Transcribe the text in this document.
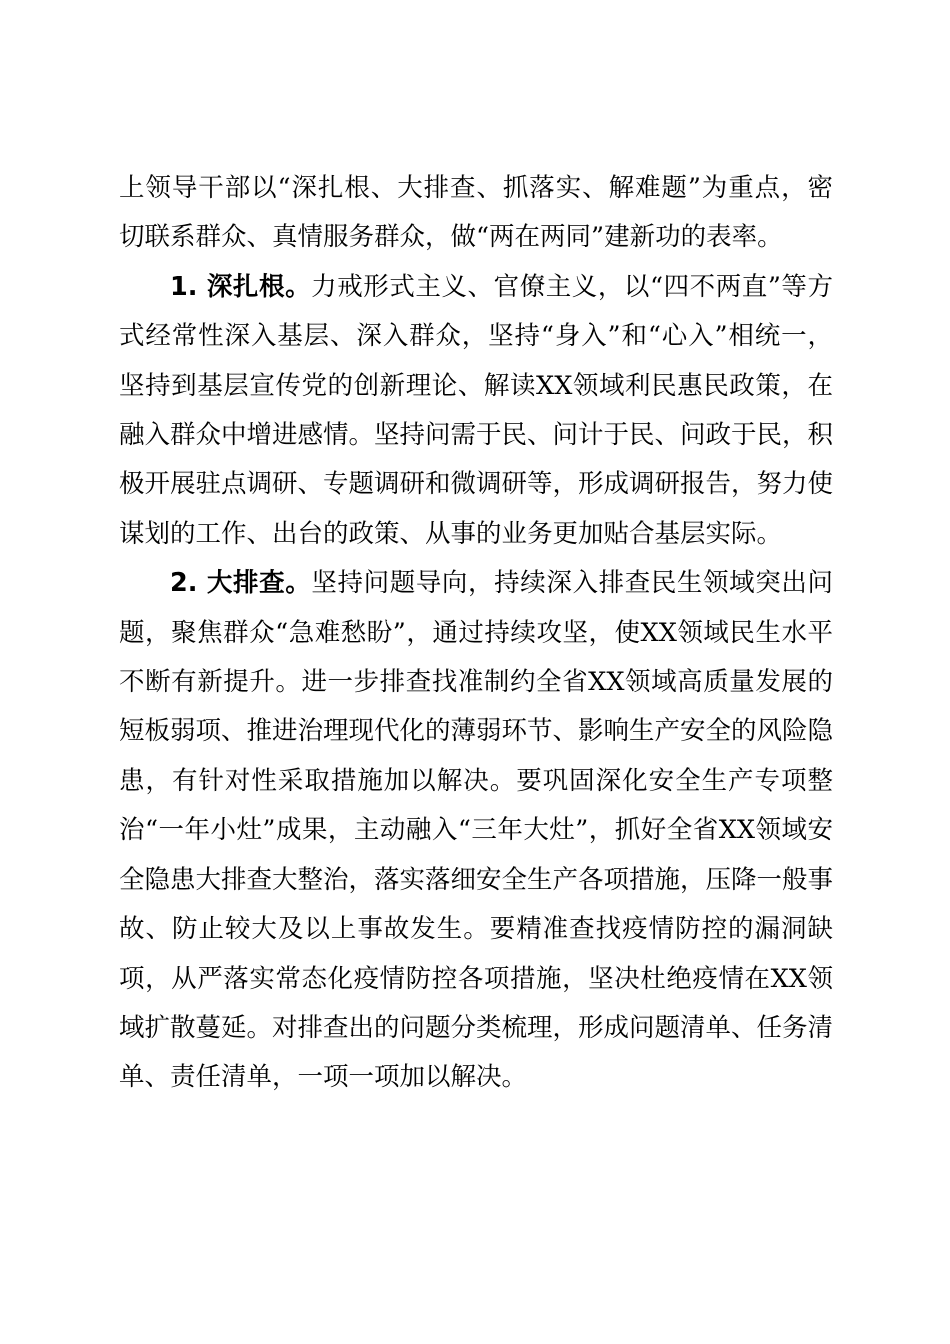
上领导干部以“深扎根、大排查、抓落实、解难题”为重点，密切联系群众、真情服务群众，做“两在两同”建新功的表率。

1. 深扎根。力戒形式主义、官僚主义，以“四不两直”等方式经常性深入基层、深入群众，坚持“身入”和“心入”相统一，坚持到基层宣传党的创新理论、解读XX领域利民惠民政策，在融入群众中增进感情。坚持问需于民、问计于民、问政于民，积极开展驻点调研、专题调研和微调研等，形成调研报告，努力使谋划的工作、出台的政策、从事的业务更加贴合基层实际。

2. 大排查。坚持问题导向，持续深入排查民生领域突出问题，聚焦群众“急难愁盼”，通过持续攻坚，使XX领域民生水平不断有新提升。进一步排查找准制约全省XX领域高质量发展的短板弱项、推进治理现代化的薄弱环节、影响生产安全的风险隐患，有针对性采取措施加以解决。要巩固深化安全生产专项整治“一年小灶”成果，主动融入“三年大灶”，抓好全省XX领域安全隐患大排查大整治，落实落细安全生产各项措施，压降一般事故、防止较大及以上事故发生。要精准查找疫情防控的漏洞缺项，从严落实常态化疫情防控各项措施，坚决杜绝疫情在XX领域扩散蔓延。对排查出的问题分类梳理，形成问题清单、任务清单、责任清单，一项一项加以解决。
